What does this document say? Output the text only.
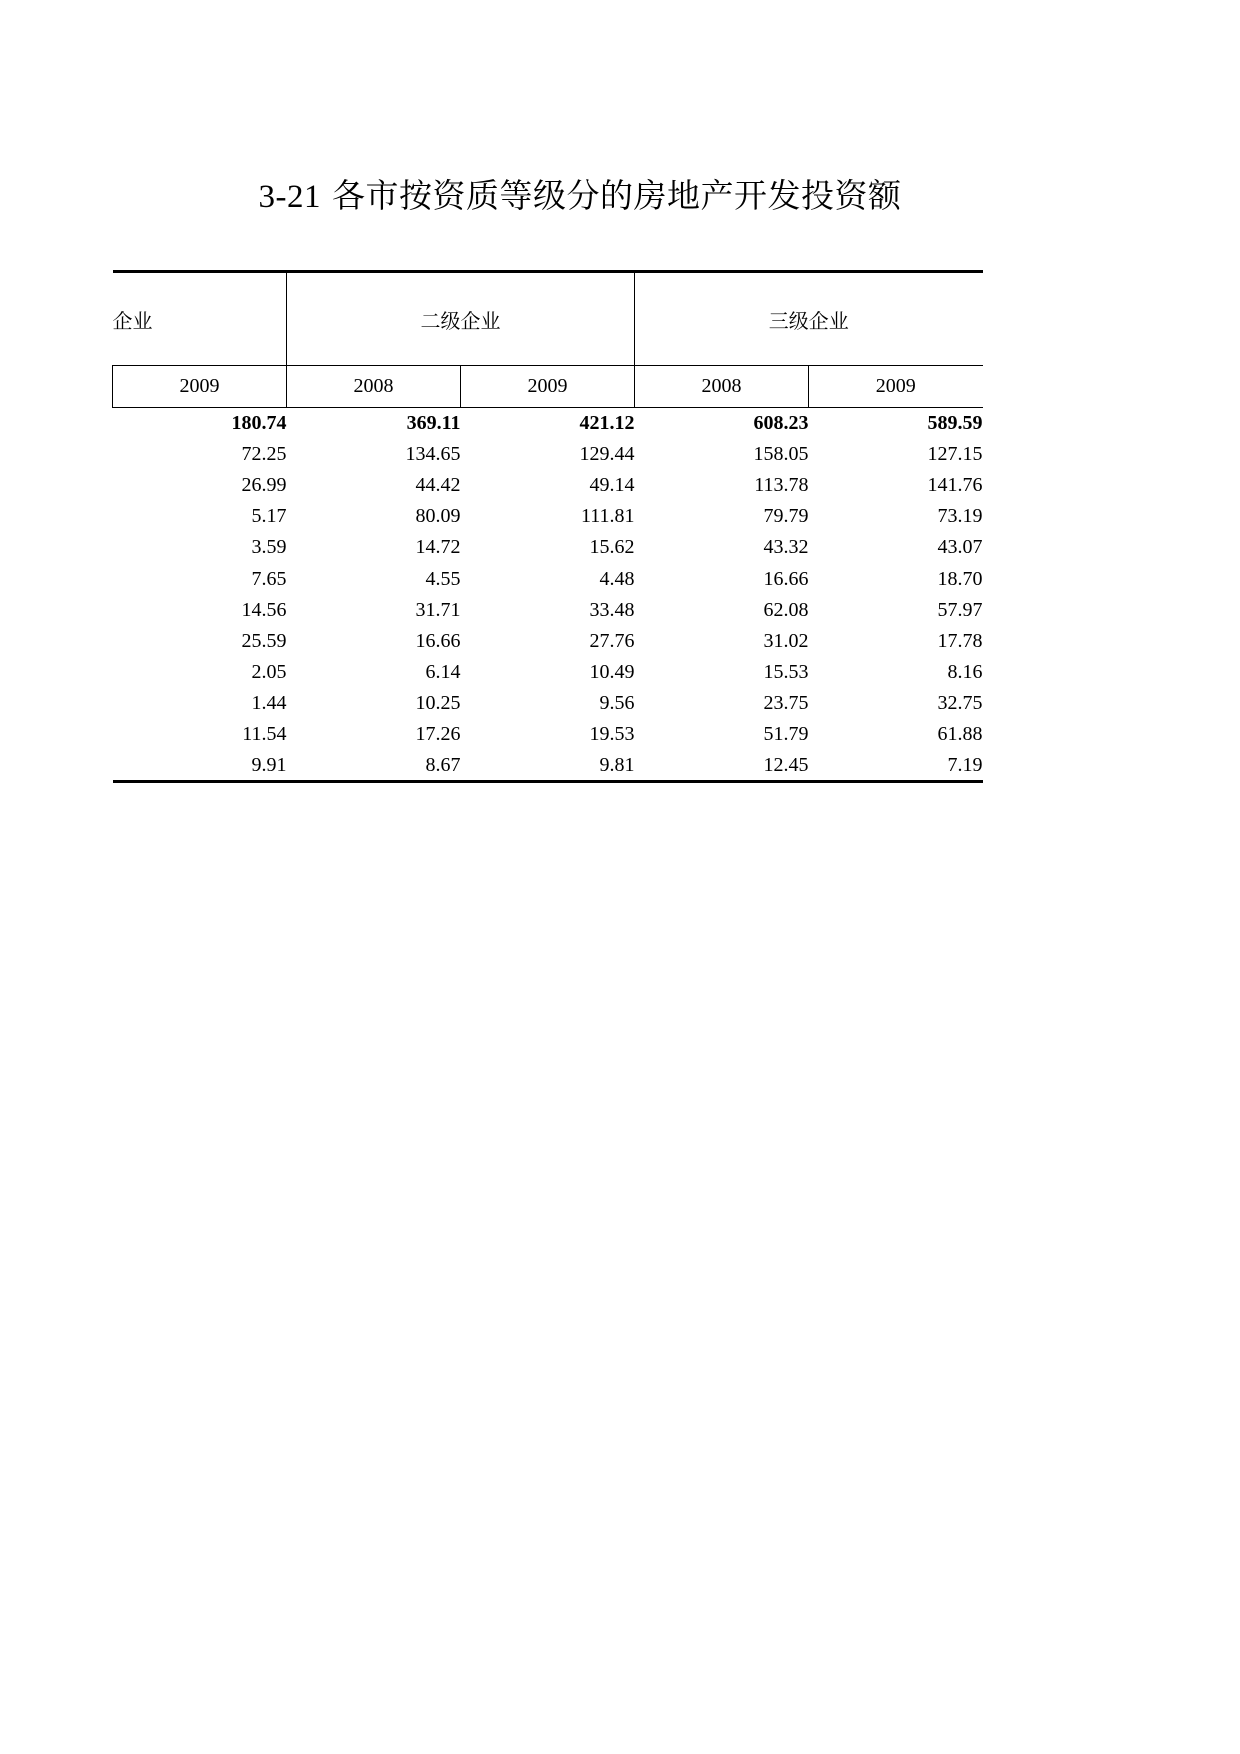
3-21 各市按资质等级分的房地产开发投资额
企业	二级企业		三级企业	
2009	2008	2009	2008	2009
180.74	369.11	421.12	608.23	589.59
72.25	134.65	129.44	158.05	127.15
26.99	44.42	49.14	113.78	141.76
5.17	80.09	111.81	79.79	73.19
3.59	14.72	15.62	43.32	43.07
7.65	4.55	4.48	16.66	18.70
14.56	31.71	33.48	62.08	57.97
25.59	16.66	27.76	31.02	17.78
2.05	6.14	10.49	15.53	8.16
1.44	10.25	9.56	23.75	32.75
11.54	17.26	19.53	51.79	61.88
9.91	8.67	9.81	12.45	7.19
